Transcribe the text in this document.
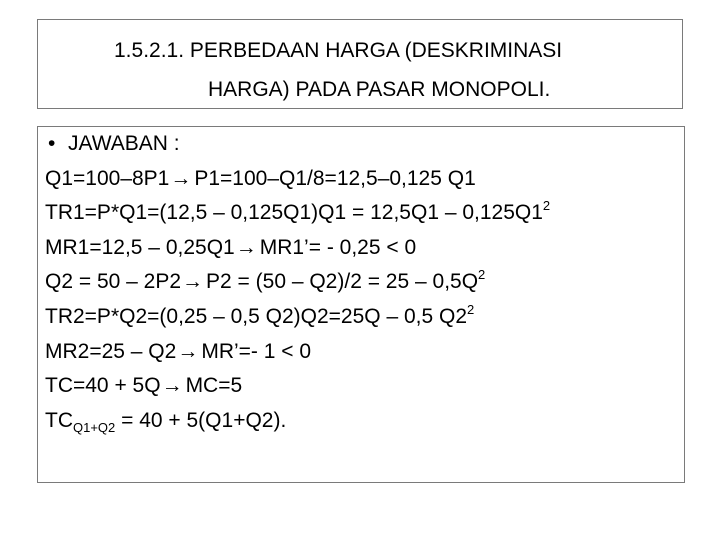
1.5.2.1. PERBEDAAN HARGA (DESKRIMINASI
HARGA) PADA PASAR MONOPOLI.
• JAWABAN :
Q1=100–8P1→ P1=100–Q1/8=12,5–0,125 Q1
$TR1=P*Q1=(12,5 - 0,125Q1)Q1 = 12,5Q1 - 0,125Q1^2$
MR1=12,5 – 0,25Q1→ MR1’= - 0,25 < 0
$Q2 = 50 - 2P2\to P2 = (50 - Q2)/2 = 25 - 0,5Q^2$
TR2=P*Q2=(0,25 – 0,5 Q2)Q2=25Q – 0,5 $Q2^2$
MR2=25 – Q2→ MR’=- 1 < 0
TC=40 + 5Q→ MC=5
$TC_{Q1+Q2} = 40 + 5(Q1+Q2)$.
